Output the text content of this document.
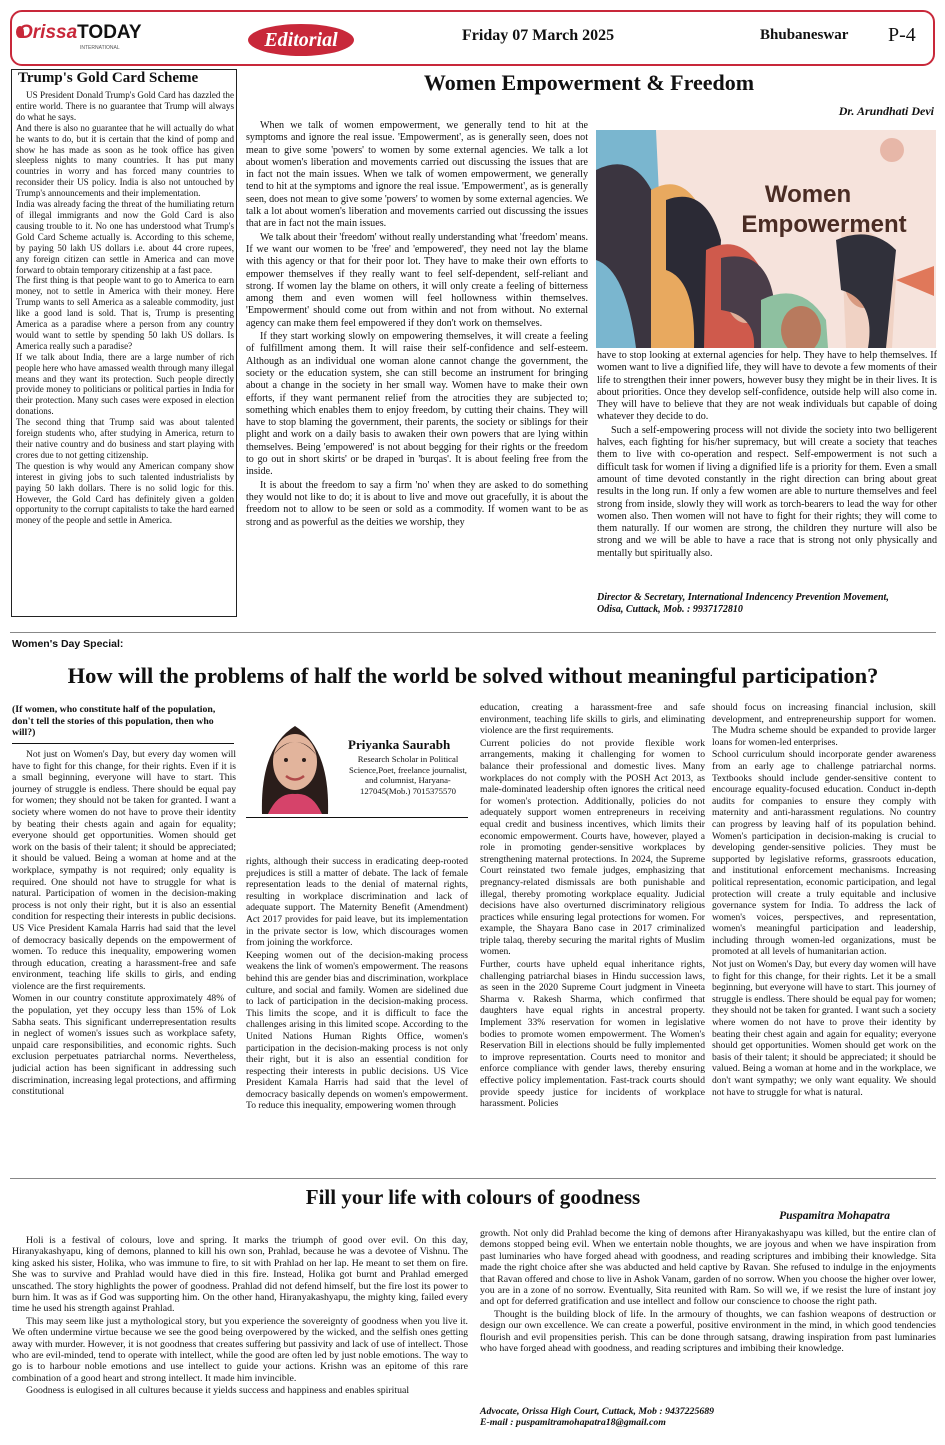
OrissaTODAY
INTERNATIONAL	Editorial	Friday 07 March 2025	Bhubaneswar P-4
Trump's Gold Card Scheme

US President Donald Trump's Gold Card has dazzled the entire world. There is no guarantee that Trump will always do what he says.

And there is also no guarantee that he will actually do what he wants to do, but it is certain that the kind of pomp and show he has made as soon as he took office has given sleepless nights to many countries. It has put many countries in worry and has forced many countries to reconsider their US policy. India is also not untouched by Trump's announcements and their implementation.

India was already facing the threat of the humiliating return of illegal immigrants and now the Gold Card is also causing trouble to it. No one has understood what Trump's Gold Card Scheme actually is. According to this scheme, by paying 50 lakh US dollars i.e. about 44 crore rupees, any foreign citizen can settle in America and can move forward to obtain temporary citizenship at a fast pace.

The first thing is that people want to go to America to earn money, not to settle in America with their money. Here Trump wants to sell America as a saleable commodity, just like a good land is sold. That is, Trump is presenting America as a paradise where a person from any country would want to settle by spending 50 lakh US dollars. Is America really such a paradise?

If we talk about India, there are a large number of rich people here who have amassed wealth through many illegal means and they want its protection. Such people directly provide money to politicians or political parties in India for their protection. Many such cases were exposed in election donations.

The second thing that Trump said was about talented foreign students who, after studying in America, return to their native country and do business and start playing with crores due to not getting citizenship.

The question is why would any American company show interest in giving jobs to such talented industrialists by paying 50 lakh dollars. There is no solid logic for this. However, the Gold Card has definitely given a golden opportunity to the corrupt capitalists to take the hard earned money of the people and settle in America.

Women Empowerment & Freedom
Dr. Arundhati Devi

When we talk of women empowerment, we generally tend to hit at the symptoms and ignore the real issue. 'Empowerment', as is generally seen, does not mean to give some 'powers' to women by some external agencies. We talk a lot about women's liberation and movements carried out discussing the issues that are in fact not the main issues. When we talk of women empowerment, we generally tend to hit at the symptoms and ignore the real issue. 'Empowerment', as is generally seen, does not mean to give some 'powers' to women by some external agencies. We talk a lot about women's liberation and movements carried out discussing the issues that are in fact not the main issues.

We talk about their 'freedom' without really understanding what 'freedom' means. If we want our women to be 'free' and 'empowered', they need not lay the blame with this agency or that for their poor lot. They have to make their own efforts to empower themselves if they really want to feel self-dependent, self-reliant and strong. If women lay the blame on others, it will only create a feeling of bitterness among them and even women will feel hollowness within themselves. 'Empowerment' should come out from within and not from without. No external agency can make them feel empowered if they don't work on themselves.

If they start working slowly on empowering themselves, it will create a feeling of fulfillment among them. It will raise their self-confidence and self-esteem. Although as an individual one woman alone cannot change the government, the society or the education system, she can still become an instrument for bringing about a change in the society in her small way. Women have to make their own efforts, if they want permanent relief from the atrocities they are subjected to; something which enables them to enjoy freedom, by cutting their chains. They will have to stop blaming the government, their parents, the society or siblings for their plight and work on a daily basis to awaken their own powers that are lying within themselves. Being 'empowered' is not about begging for their rights or the freedom to go out in short skirts' or be draped in 'burqas'. It is about feeling free from the inside.

It is about the freedom to say a firm 'no' when they are asked to do something they would not like to do; it is about to live and move out gracefully, it is about the freedom not to allow to be seen or sold as a commodity. If women want to be as strong and as powerful as the deities we worship, they

Women
Empowerment

have to stop looking at external agencies for help. They have to help themselves. If women want to live a dignified life, they will have to devote a few moments of their life to strengthen their inner powers, however busy they might be in their lives. It is about priorities. Once they develop self-confidence, outside help will also come in. They will have to believe that they are not weak individuals but capable of doing whatever they decide to do.

Such a self-empowering process will not divide the society into two belligerent halves, each fighting for his/her supremacy, but will create a society that teaches them to live with co-operation and respect. Self-empowerment is not such a difficult task for women if living a dignified life is a priority for them. Even a small amount of time devoted constantly in the right direction can bring about great results in the long run. If only a few women are able to nurture themselves and feel strong from inside, slowly they will work as torch-bearers to lead the way for other women also. Then women will not have to fight for their rights; they will come to them naturally. If our women are strong, the children they nurture will also be strong and we will be able to have a race that is strong not only physically and mentally but spiritually also.

Director & Secretary, International Indencency Prevention Movement,
Odisa, Cuttack, Mob. : 9937172810
Women's Day Special:
How will the problems of half the world be solved without meaningful participation?
(If women, who constitute half of the population, don't tell the stories of this population, then who will?)

Not just on Women's Day, but every day women will have to fight for this change, for their rights. Even if it is a small beginning, everyone will have to start. This journey of struggle is endless. There should be equal pay for women; they should not be taken for granted. I want a society where women do not have to prove their identity by beating their chests again and again for equality; everyone should get opportunities. Women should get work on the basis of their talent; it should be appreciated; it should be valued. Being a woman at home and at the workplace, sympathy is not required; only equality is required. One should not have to struggle for what is natural. Participation of women in the decision-making process is not only their right, but it is also an essential condition for respecting their interests in public decisions. US Vice President Kamala Harris had said that the level of democracy basically depends on the empowerment of women. To reduce this inequality, empowering women through education, creating a harassment-free and safe environment, teaching life skills to girls, and ending violence are the first requirements.

Women in our country constitute approximately 48% of the population, yet they occupy less than 15% of Lok Sabha seats. This significant underrepresentation results in neglect of women's issues such as workplace safety, unpaid care responsibilities, and economic rights. Such exclusion perpetuates patriarchal norms. Nevertheless, judicial action has been significant in addressing such discrimination, increasing legal protections, and affirming constitutional

Priyanka Saurabh
Research Scholar in Political Science,Poet, freelance journalist, and columnist, Haryana-127045(Mob.) 7015375570

rights, although their success in eradicating deep-rooted prejudices is still a matter of debate. The lack of female representation leads to the denial of maternal rights, resulting in workplace discrimination and lack of adequate support. The Maternity Benefit (Amendment) Act 2017 provides for paid leave, but its implementation in the private sector is low, which discourages women from joining the workforce.

Keeping women out of the decision-making process weakens the link of women's empowerment. The reasons behind this are gender bias and discrimination, workplace culture, and social and family. Women are sidelined due to lack of participation in the decision-making process. This limits the scope, and it is difficult to face the challenges arising in this limited scope. According to the United Nations Human Rights Office, women's participation in the decision-making process is not only their right, but it is also an essential condition for respecting their interests in public decisions. US Vice President Kamala Harris had said that the level of democracy basically depends on women's empowerment. To reduce this inequality, empowering women through

education, creating a harassment-free and safe environment, teaching life skills to girls, and eliminating violence are the first requirements.

Current policies do not provide flexible work arrangements, making it challenging for women to balance their professional and domestic lives. Many workplaces do not comply with the POSH Act 2013, as male-dominated leadership often ignores the critical need for women's protection. Additionally, policies do not adequately support women entrepreneurs in receiving equal credit and business incentives, which limits their economic empowerment. Courts have, however, played a role in promoting gender-sensitive workplaces by strengthening maternal protections. In 2024, the Supreme Court reinstated two female judges, emphasizing that pregnancy-related dismissals are both punishable and illegal, thereby promoting workplace equality. Judicial decisions have also overturned discriminatory religious practices while ensuring legal protections for women. For example, the Shayara Bano case in 2017 criminalized triple talaq, thereby securing the marital rights of Muslim women.

Further, courts have upheld equal inheritance rights, challenging patriarchal biases in Hindu succession laws, as seen in the 2020 Supreme Court judgment in Vineeta Sharma v. Rakesh Sharma, which confirmed that daughters have equal rights in ancestral property. Implement 33% reservation for women in legislative bodies to promote women empowerment. The Women's Reservation Bill in elections should be fully implemented to improve representation. Courts need to monitor and enforce compliance with gender laws, thereby ensuring effective policy implementation. Fast-track courts should provide speedy justice for incidents of workplace harassment. Policies

should focus on increasing financial inclusion, skill development, and entrepreneurship support for women. The Mudra scheme should be expanded to provide larger loans for women-led enterprises.

School curriculum should incorporate gender awareness from an early age to challenge patriarchal norms. Textbooks should include gender-sensitive content to encourage equality-focused education. Conduct in-depth audits for companies to ensure they comply with maternity and anti-harassment regulations. No country can progress by leaving half of its population behind. Women's participation in decision-making is crucial to developing gender-sensitive policies. They must be supported by legislative reforms, grassroots education, and institutional enforcement mechanisms. Increasing political representation, economic participation, and legal protection will create a truly equitable and inclusive governance system for India. To address the lack of women's voices, perspectives, and representation, women's meaningful participation and leadership, including through women-led organizations, must be promoted at all levels of humanitarian action.

Not just on Women's Day, but every day women will have to fight for this change, for their rights. Let it be a small beginning, but everyone will have to start. This journey of struggle is endless. There should be equal pay for women; they should not be taken for granted. I want such a society where women do not have to prove their identity by beating their chest again and again for equality; everyone should get opportunities. Women should get work on the basis of their talent; it should be appreciated; it should be valued. Being a woman at home and in the workplace, we don't want sympathy; we only want equality. We should not have to struggle for what is natural.

Fill your life with colours of goodness
Puspamitra Mohapatra

Holi is a festival of colours, love and spring. It marks the triumph of good over evil. On this day, Hiranyakashyapu, king of demons, planned to kill his own son, Prahlad, because he was a devotee of Vishnu. The king asked his sister, Holika, who was immune to fire, to sit with Prahlad on her lap. He meant to set them on fire. She was to survive and Prahlad would have died in this fire. Instead, Holika got burnt and Prahlad emerged unscathed. The story highlights the power of goodness. Prahlad did not defend himself, but the fire lost its power to burn him. It was as if God was supporting him. On the other hand, Hiranyakashyapu, the mighty king, failed every time he used his strength against Prahlad.

This may seem like just a mythological story, but you experience the sovereignty of goodness when you live it. We often undermine virtue because we see the good being overpowered by the wicked, and the selfish ones getting away with murder. However, it is not goodness that creates suffering but passivity and lack of use of intellect. Those who are evil-minded, tend to operate with intellect, while the good are often led by just noble emotions. The way to go is to harbour noble emotions and use intellect to guide your actions. Krishn was an epitome of this rare combination of a good heart and strong intellect. It made him invincible.

Goodness is eulogised in all cultures because it yields success and happiness and enables spiritual

growth. Not only did Prahlad become the king of demons after Hiranyakashyapu was killed, but the entire clan of demons stopped being evil. When we entertain noble thoughts, we are joyous and when we have inspiration from past luminaries who have forged ahead with goodness, and reading scriptures and imbibing their knowledge. Sita made the right choice after she was abducted and held captive by Ravan. She refused to indulge in the enjoyments that Ravan offered and chose to live in Ashok Vanam, garden of no sorrow. When you choose the higher over lower, you are in a zone of no sorrow. Eventually, Sita reunited with Ram. So will we, if we resist the lure of instant joy and opt for deferred gratification and use intellect and follow our conscience to choose the right path.

Thought is the building block of life. In the armoury of thoughts, we can fashion weapons of destruction or design our own excellence. We can create a powerful, positive environment in the mind, in which good tendencies flourish and evil propensities perish. This can be done through satsang, drawing inspiration from past luminaries who have forged ahead with goodness, and reading scriptures and imbibing their knowledge.

Advocate, Orissa High Court, Cuttack, Mob : 9437225689
E-mail : puspamitramohapatra18@gmail.com
